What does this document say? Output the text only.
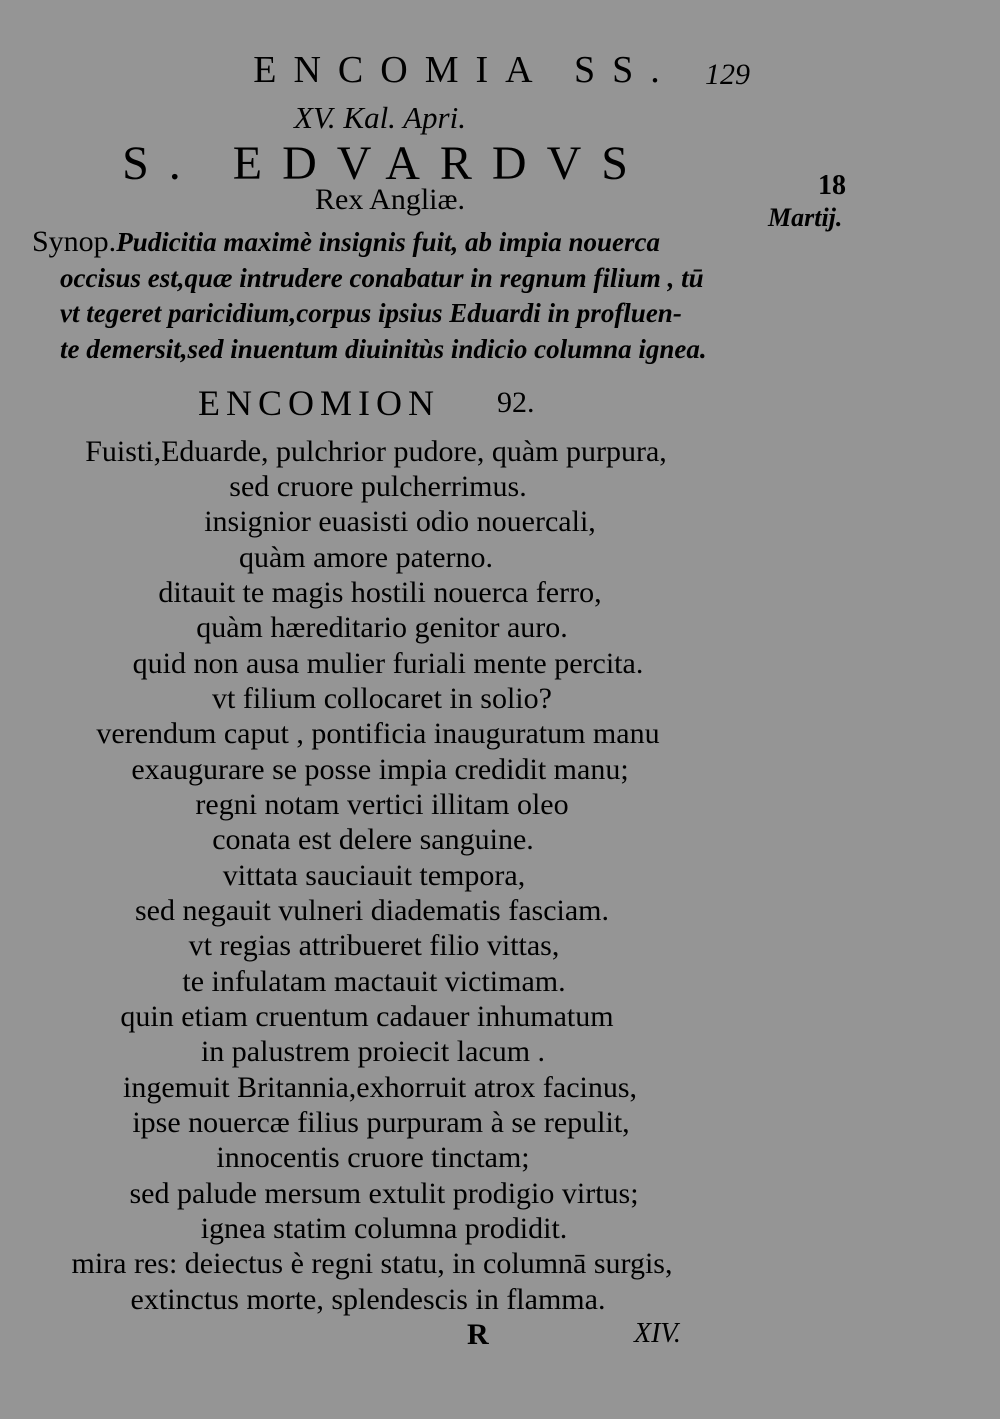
ENCOMIA SS. 129
XV. Kal. Apri.
S. EDVARDVS
Rex Angliæ.	18
Martij.
Synop.Pudicitia maximè insignis fuit, ab impia nouerca
occisus est,quæ intrudere conabatur in regnum filium , tū
vt tegeret paricidium,corpus ipsius Eduardi in profluen-
te demersit,sed inuentum diuinitùs indicio columna ignea.
ENCOMION 92.
Fuisti,Eduarde, pulchrior pudore, quàm purpura,
sed cruore pulcherrimus.
insignior euasisti odio nouercali,
quàm amore paterno.
ditauit te magis hostili nouerca ferro,
quàm hæreditario genitor auro.
quid non ausa mulier furiali mente percita.
vt filium collocaret in solio?
verendum caput , pontificia inauguratum manu
exaugurare se posse impia credidit manu;
regni notam vertici illitam oleo
conata est delere sanguine.
vittata sauciauit tempora,
sed negauit vulneri diadematis fasciam.
vt regias attribueret filio vittas,
te infulatam mactauit victimam.
quin etiam cruentum cadauer inhumatum
in palustrem proiecit lacum .
ingemuit Britannia,exhorruit atrox facinus,
ipse nouercæ filius purpuram à se repulit,
innocentis cruore tinctam;
sed palude mersum extulit prodigio virtus;
ignea statim columna prodidit.
mira res: deiectus è regni statu, in columnā surgis,
extinctus morte, splendescis in flamma.
R	XIV.
